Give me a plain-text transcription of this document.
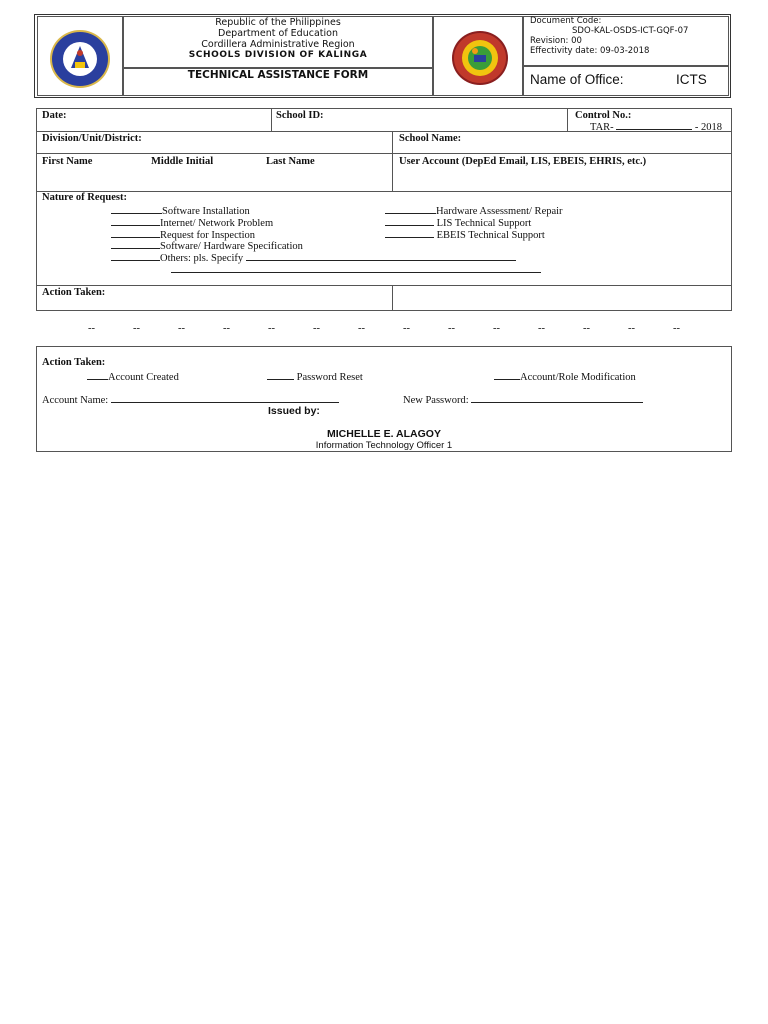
Republic of the Philippines
Department of Education
Cordillera Administrative Region
SCHOOLS DIVISION OF KALINGA
TECHNICAL ASSISTANCE FORM
Document Code:
SDO-KAL-OSDS-ICT-GQF-07
Revision: 00
Effectivity date: 09-03-2018
Name of Office:	ICTS
Date:	School ID:	Control No.:
TAR-	- 2018
Division/Unit/District:	School Name:
First Name	Middle Initial	Last Name	User Account (DepEd Email, LIS, EBEIS, EHRIS, etc.)
Nature of Request:
Software Installation
Internet/ Network Problem
Request for Inspection
Software/ Hardware Specification
Others: pls. Specify
Hardware Assessment/ Repair
LIS Technical Support
EBEIS Technical Support
Action Taken:
--	--	--	--	--	--	--	--	--	--	--	--	--	--
Action Taken:
Account Created	Password Reset	Account/Role Modification
Account Name:	New Password:
Issued by:
MICHELLE E. ALAGOY
Information Technology Officer 1
